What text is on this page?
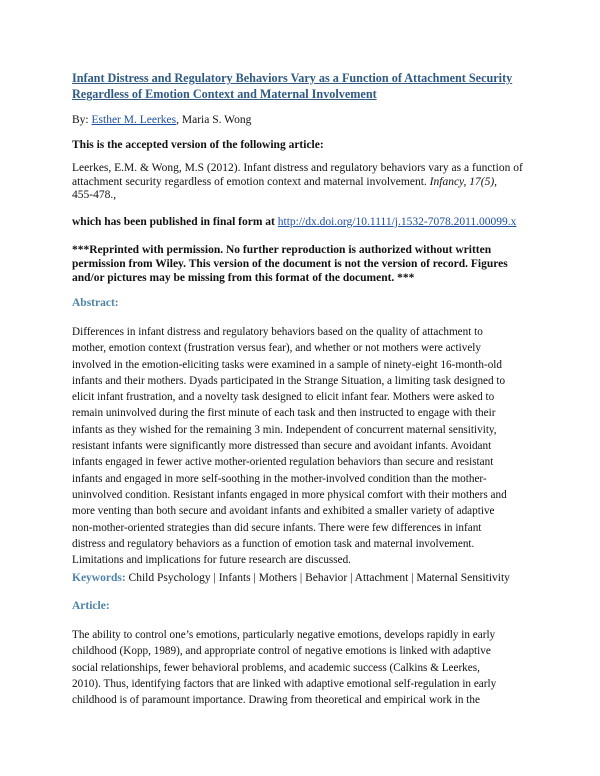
Infant Distress and Regulatory Behaviors Vary as a Function of Attachment Security
Regardless of Emotion Context and Maternal Involvement
By: Esther M. Leerkes, Maria S. Wong
This is the accepted version of the following article:
Leerkes, E.M. & Wong, M.S (2012). Infant distress and regulatory behaviors vary as a function of attachment security regardless of emotion context and maternal involvement. Infancy, 17(5),
455-478.,
which has been published in final form at http://dx.doi.org/10.1111/j.1532-7078.2011.00099.x
***Reprinted with permission. No further reproduction is authorized without written permission from Wiley. This version of the document is not the version of record. Figures and/or pictures may be missing from this format of the document. ***
Abstract:
Differences in infant distress and regulatory behaviors based on the quality of attachment to
mother, emotion context (frustration versus fear), and whether or not mothers were actively
involved in the emotion-eliciting tasks were examined in a sample of ninety-eight 16-month-old
infants and their mothers. Dyads participated in the Strange Situation, a limiting task designed to
elicit infant frustration, and a novelty task designed to elicit infant fear. Mothers were asked to
remain uninvolved during the first minute of each task and then instructed to engage with their
infants as they wished for the remaining 3 min. Independent of concurrent maternal sensitivity,
resistant infants were significantly more distressed than secure and avoidant infants. Avoidant
infants engaged in fewer active mother-oriented regulation behaviors than secure and resistant
infants and engaged in more self-soothing in the mother-involved condition than the mother-
uninvolved condition. Resistant infants engaged in more physical comfort with their mothers and
more venting than both secure and avoidant infants and exhibited a smaller variety of adaptive
non-mother-oriented strategies than did secure infants. There were few differences in infant
distress and regulatory behaviors as a function of emotion task and maternal involvement.
Limitations and implications for future research are discussed.
Keywords: Child Psychology | Infants | Mothers | Behavior | Attachment | Maternal Sensitivity
Article:
The ability to control one’s emotions, particularly negative emotions, develops rapidly in early
childhood (Kopp, 1989), and appropriate control of negative emotions is linked with adaptive
social relationships, fewer behavioral problems, and academic success (Calkins & Leerkes,
2010). Thus, identifying factors that are linked with adaptive emotional self-regulation in early
childhood is of paramount importance. Drawing from theoretical and empirical work in the
